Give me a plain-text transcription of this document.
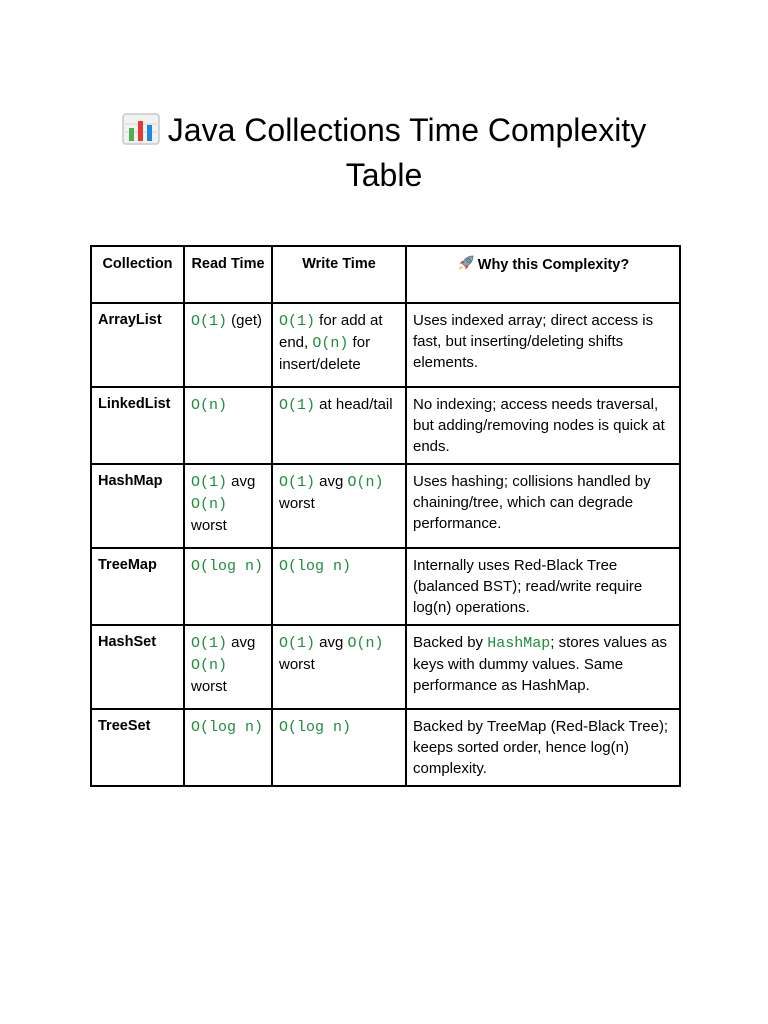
Java Collections Time Complexity Table
Collection	Read Time	Write Time	Why this Complexity?
ArrayList	O(1) (get)	O(1) for add at end, O(n) for insert/delete	Uses indexed array; direct access is fast, but inserting/deleting shifts elements.
LinkedList	O(n)	O(1) at head/tail	No indexing; access needs traversal, but adding/removing nodes is quick at ends.
HashMap	O(1) avg O(n) worst	O(1) avg O(n) worst	Uses hashing; collisions handled by chaining/tree, which can degrade performance.
TreeMap	O(log n)	O(log n)	Internally uses Red-Black Tree (balanced BST); read/write require log(n) operations.
HashSet	O(1) avg O(n) worst	O(1) avg O(n) worst	Backed by HashMap; stores values as keys with dummy values. Same performance as HashMap.
TreeSet	O(log n)	O(log n)	Backed by TreeMap (Red-Black Tree); keeps sorted order, hence log(n) complexity.
